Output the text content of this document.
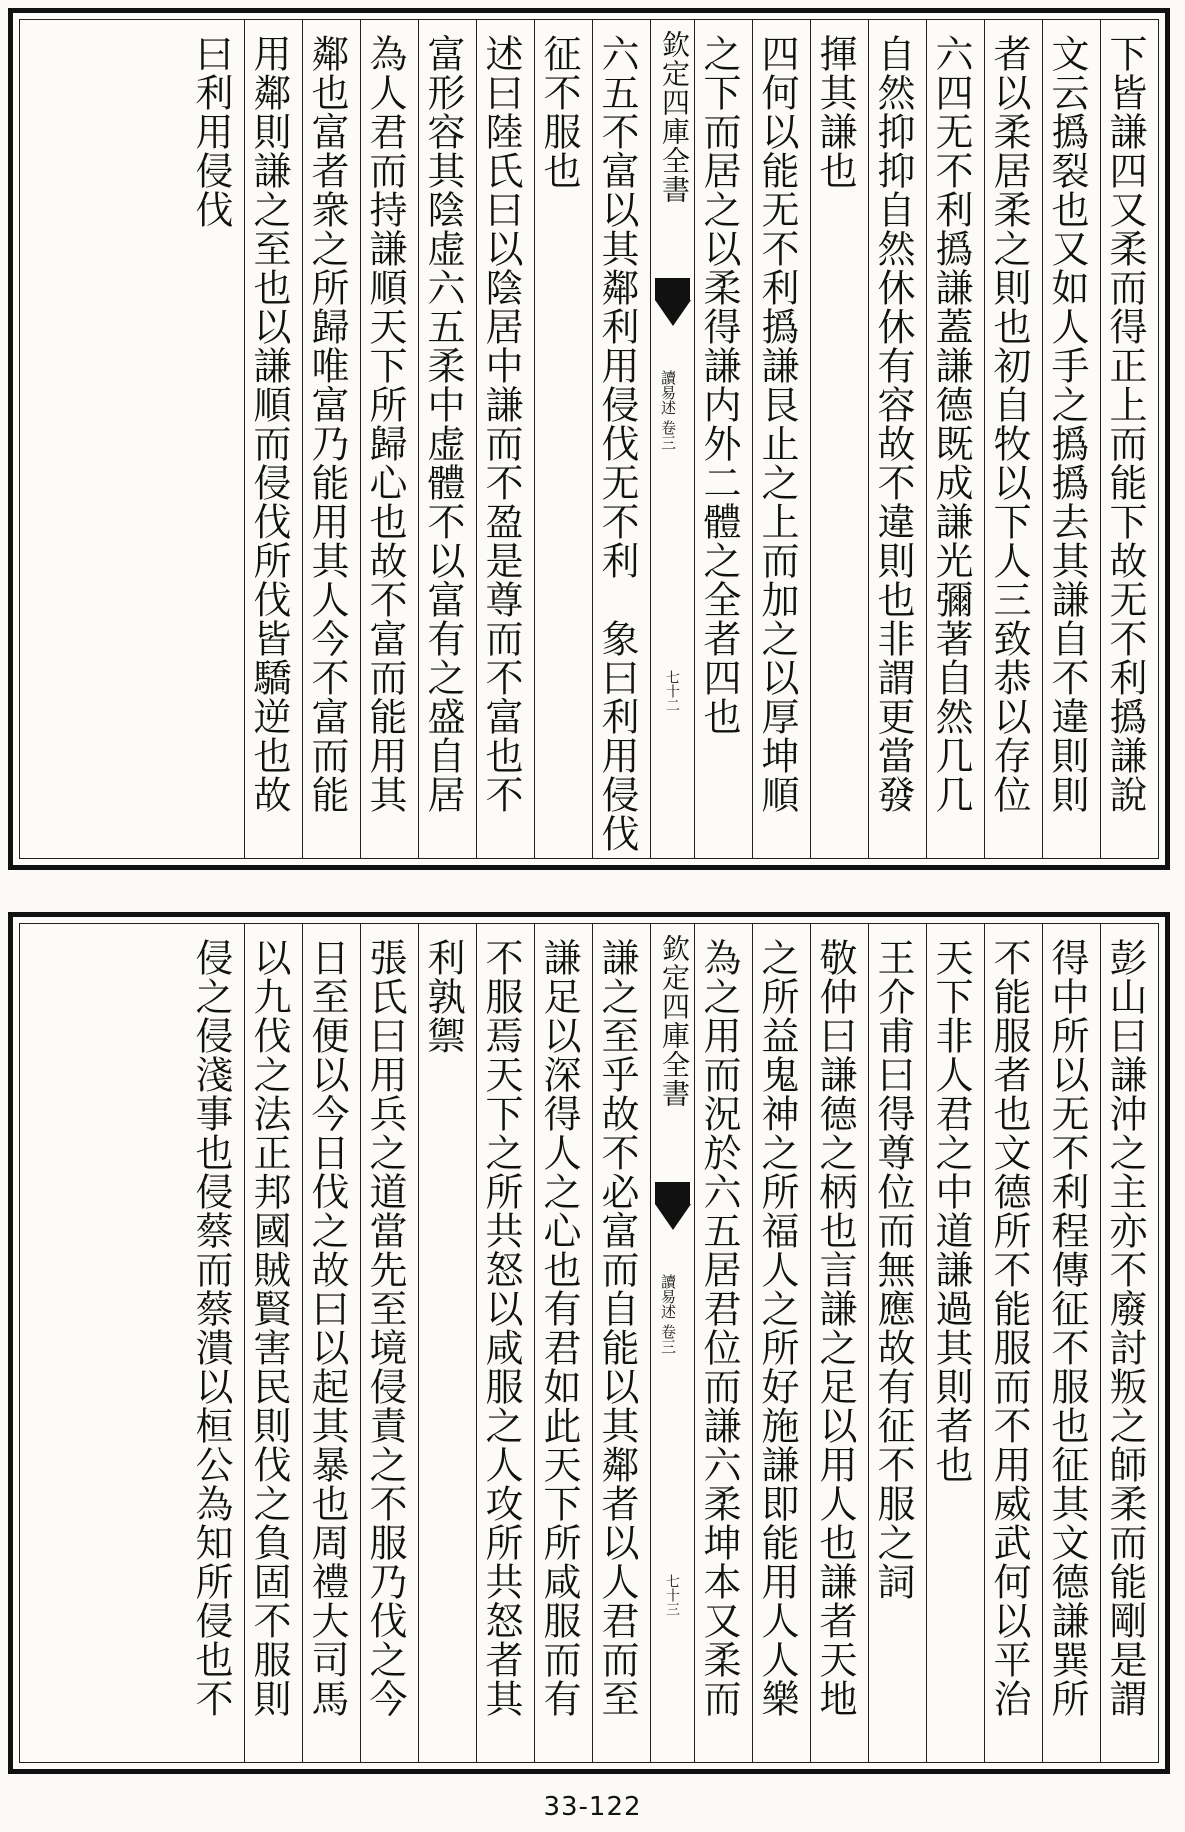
下皆謙四又柔而得正上而能下故无不利撝謙說
文云撝裂也又如人手之撝撝去其謙自不違則則
者以柔居柔之則也初自牧以下人三致恭以存位
六四无不利撝謙蓋謙德既成謙光彌著自然几几
自然抑抑自然休休有容故不違則也非謂更當發
揮其謙也
四何以能无不利撝謙艮止之上而加之以厚坤順
之下而居之以柔得謙内外二體之全者四也
欽定四庫全書
讀易述 卷三
七十二
六五不富以其鄰利用侵伐无不利　象曰利用侵伐
征不服也
述曰陸氏曰以陰居中謙而不盈是尊而不富也不
富形容其陰虚六五柔中虚體不以富有之盛自居
為人君而持謙順天下所歸心也故不富而能用其
鄰也富者衆之所歸唯富乃能用其人今不富而能
用鄰則謙之至也以謙順而侵伐所伐皆驕逆也故
曰利用侵伐
彭山曰謙沖之主亦不廢討叛之師柔而能剛是謂
得中所以无不利程傳征不服也征其文德謙巽所
不能服者也文德所不能服而不用威武何以平治
天下非人君之中道謙過其則者也
王介甫曰得尊位而無應故有征不服之詞
敬仲曰謙德之柄也言謙之足以用人也謙者天地
之所益鬼神之所福人之所好施謙即能用人人樂
為之用而況於六五居君位而謙六柔坤本又柔而
欽定四庫全書
讀易述 卷三
七十三
謙之至乎故不必富而自能以其鄰者以人君而至
謙足以深得人之心也有君如此天下所咸服而有
不服焉天下之所共怒以咸服之人攻所共怒者其
利孰禦
張氏曰用兵之道當先至境侵責之不服乃伐之今
日至便以今日伐之故曰以起其暴也周禮大司馬
以九伐之法正邦國賊賢害民則伐之負固不服則
侵之侵淺事也侵蔡而蔡潰以桓公為知所侵也不
33-122
